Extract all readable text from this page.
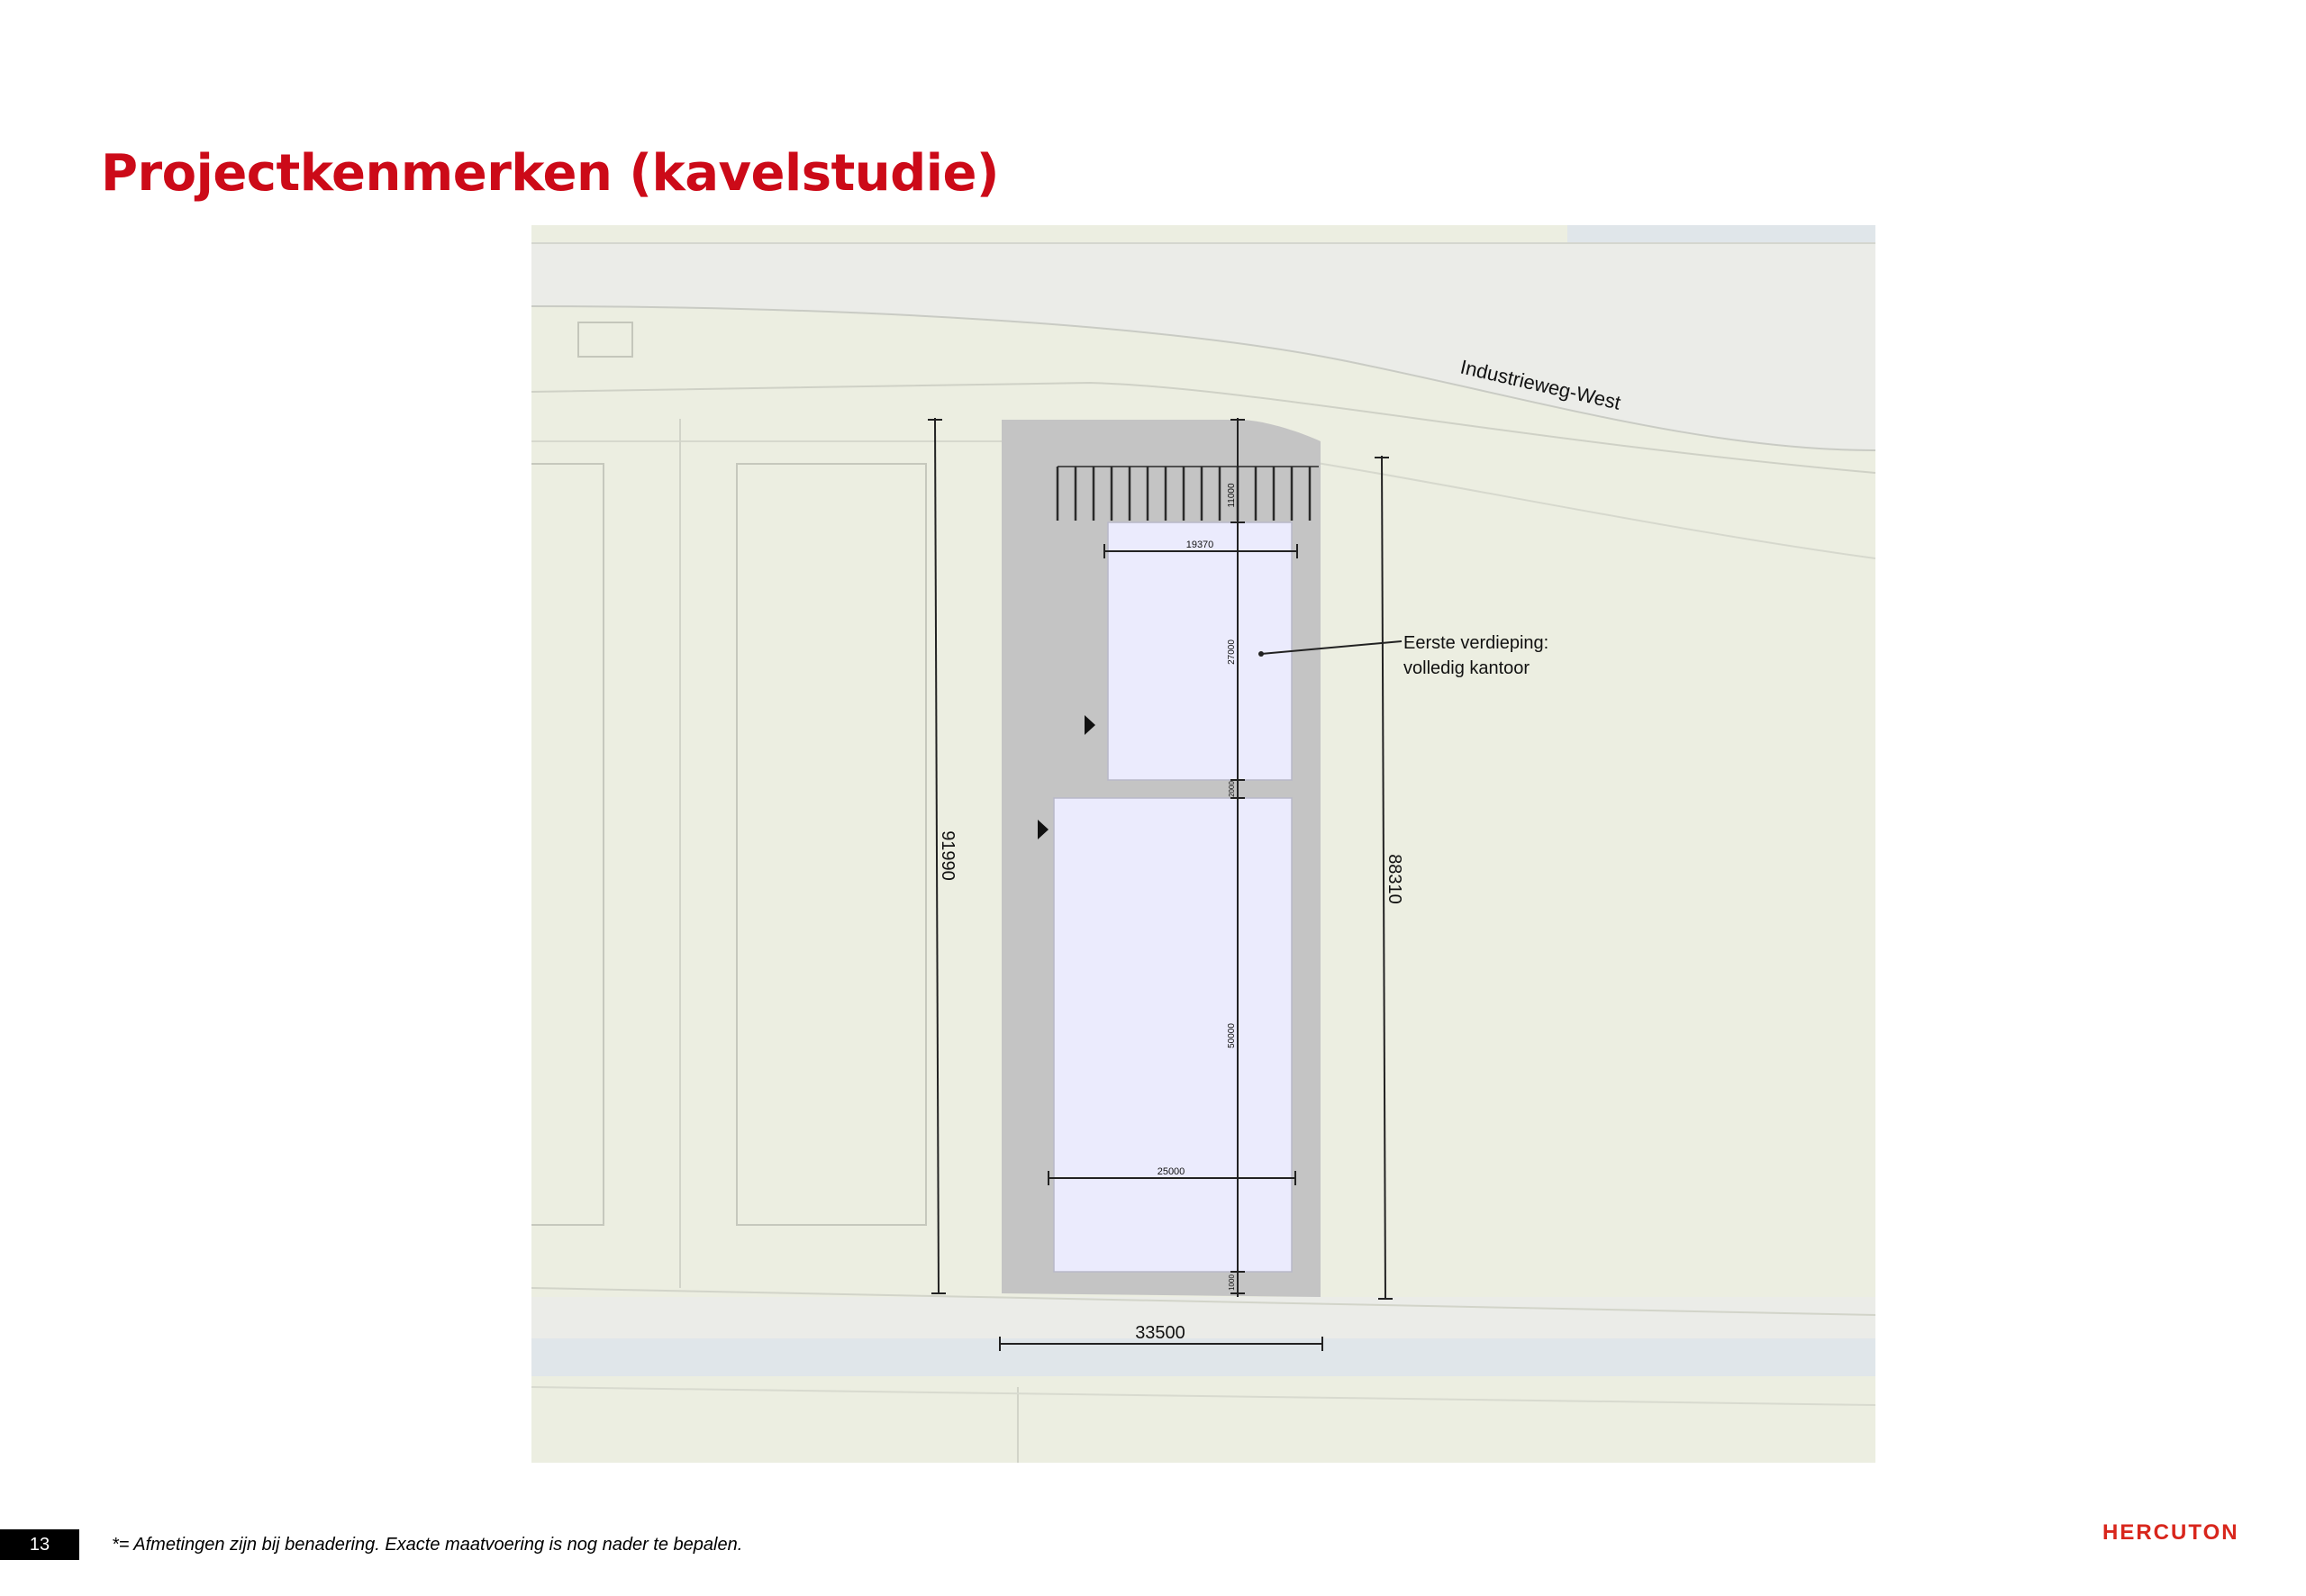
Projectkenmerken (kavelstudie)
11000
27000
2000
50000
1000
19370
25000
91990	88310
33500
Eerste verdieping:
volledig kantoor
Industrieweg-West
13	*= Afmetingen zijn bij benadering. Exacte maatvoering is nog nader te bepalen.	HERCUTON
